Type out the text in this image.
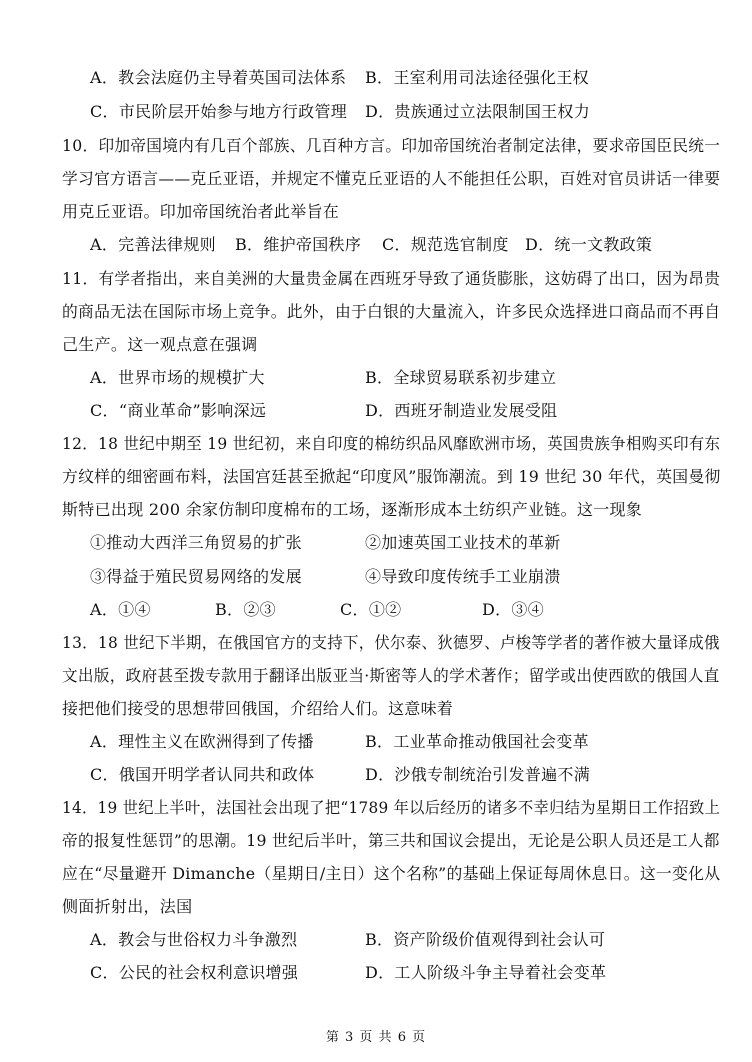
A．教会法庭仍主导着英国司法体系 B．王室利用司法途径强化王权
C．市民阶层开始参与地方行政管理 D．贵族通过立法限制国王权力
10．印加帝国境内有几百个部族、几百种方言。印加帝国统治者制定法律，要求帝国臣民统一
学习官方语言——克丘亚语，并规定不懂克丘亚语的人不能担任公职，百姓对官员讲话一律要
用克丘亚语。印加帝国统治者此举旨在
A．完善法律规则 B．维护帝国秩序 C．规范选官制度 D．统一文教政策
11．有学者指出，来自美洲的大量贵金属在西班牙导致了通货膨胀，这妨碍了出口，因为昂贵
的商品无法在国际市场上竞争。此外，由于白银的大量流入，许多民众选择进口商品而不再自
己生产。这一观点意在强调
A．世界市场的规模扩大	B．全球贸易联系初步建立
C．“商业革命”影响深远	D．西班牙制造业发展受阻
12．18 世纪中期至 19 世纪初，来自印度的棉纺织品风靡欧洲市场，英国贵族争相购买印有东
方纹样的细密画布料，法国宫廷甚至掀起“印度风”服饰潮流。到 19 世纪 30 年代，英国曼彻
斯特已出现 200 余家仿制印度棉布的工场，逐渐形成本土纺织产业链。这一现象
①推动大西洋三角贸易的扩张	②加速英国工业技术的革新
③得益于殖民贸易网络的发展	④导致印度传统手工业崩溃
A．①④	B．②③	C．①②	D．③④
13．18 世纪下半期，在俄国官方的支持下，伏尔泰、狄德罗、卢梭等学者的著作被大量译成俄
文出版，政府甚至拨专款用于翻译出版亚当·斯密等人的学术著作；留学或出使西欧的俄国人直
接把他们接受的思想带回俄国，介绍给人们。这意味着
A．理性主义在欧洲得到了传播	B．工业革命推动俄国社会变革
C．俄国开明学者认同共和政体	D．沙俄专制统治引发普遍不满
14．19 世纪上半叶，法国社会出现了把“1789 年以后经历的诸多不幸归结为星期日工作招致上
帝的报复性惩罚”的思潮。19 世纪后半叶，第三共和国议会提出，无论是公职人员还是工人都
应在“尽量避开 Dimanche（星期日/主日）这个名称”的基础上保证每周休息日。这一变化从
侧面折射出，法国
A．教会与世俗权力斗争激烈	B．资产阶级价值观得到社会认可
C．公民的社会权利意识增强	D．工人阶级斗争主导着社会变革
第 3 页 共 6 页
